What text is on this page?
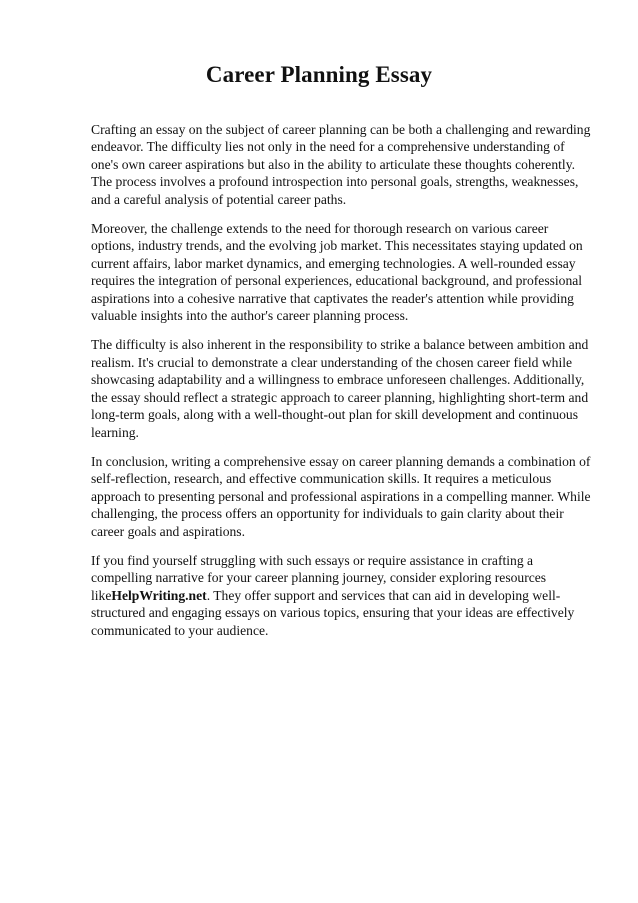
Career Planning Essay

Crafting an essay on the subject of career planning can be both a challenging and rewarding endeavor. The difficulty lies not only in the need for a comprehensive understanding of one's own career aspirations but also in the ability to articulate these thoughts coherently. The process involves a profound introspection into personal goals, strengths, weaknesses, and a careful analysis of potential career paths.

Moreover, the challenge extends to the need for thorough research on various career options, industry trends, and the evolving job market. This necessitates staying updated on current affairs, labor market dynamics, and emerging technologies. A well-rounded essay requires the integration of personal experiences, educational background, and professional aspirations into a cohesive narrative that captivates the reader's attention while providing valuable insights into the author's career planning process.

The difficulty is also inherent in the responsibility to strike a balance between ambition and realism. It's crucial to demonstrate a clear understanding of the chosen career field while showcasing adaptability and a willingness to embrace unforeseen challenges. Additionally, the essay should reflect a strategic approach to career planning, highlighting short-term and long-term goals, along with a well-thought-out plan for skill development and continuous learning.

In conclusion, writing a comprehensive essay on career planning demands a combination of self-reflection, research, and effective communication skills. It requires a meticulous approach to presenting personal and professional aspirations in a compelling manner. While challenging, the process offers an opportunity for individuals to gain clarity about their career goals and aspirations.

If you find yourself struggling with such essays or require assistance in crafting a compelling narrative for your career planning journey, consider exploring resources likeHelpWriting.net. They offer support and services that can aid in developing well-structured and engaging essays on various topics, ensuring that your ideas are effectively communicated to your audience.
